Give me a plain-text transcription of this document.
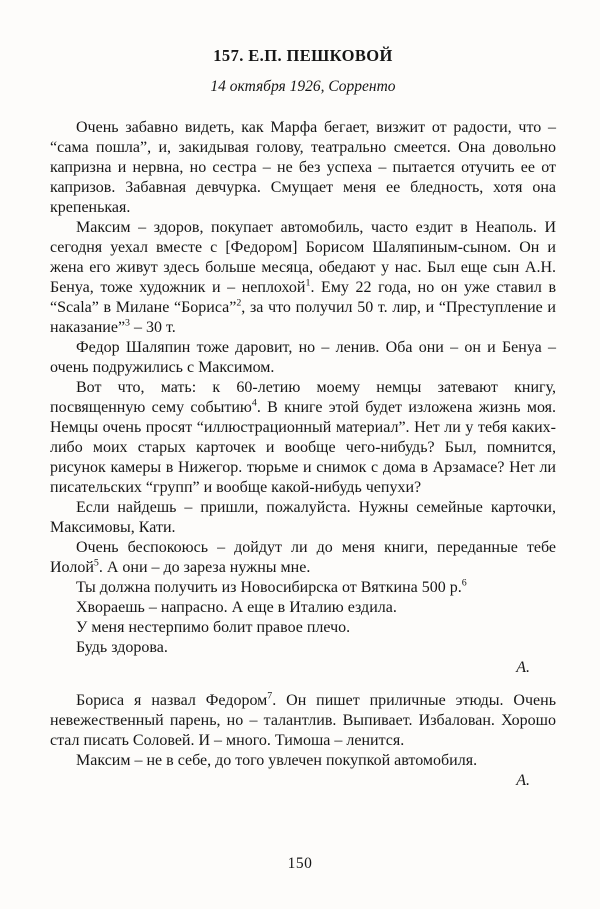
157. Е.П. ПЕШКОВОЙ
14 октября 1926, Сорренто

Очень забавно видеть, как Марфа бегает, визжит от радости, что – “сама пошла”, и, закидывая голову, театрально смеется. Она довольно капризна и нервна, но сестра – не без успеха – пытается отучить ее от капризов. Забавная девчурка. Смущает меня ее бледность, хотя она крепенькая.

Максим – здоров, покупает автомобиль, часто ездит в Неаполь. И сегодня уехал вместе с [Федором] Борисом Шаляпиным-сыном. Он и жена его живут здесь больше месяца, обедают у нас. Был еще сын А.Н. Бенуа, тоже художник и – неплохой$^1$. Ему 22 года, но он уже ставил в “Scala” в Милане “Бориса”$^2$, за что получил 50 т. лир, и “Преступление и наказание”$^3$ – 30 т.

Федор Шаляпин тоже даровит, но – ленив. Оба они – он и Бенуа – очень подружились с Максимом.

Вот что, мать: к 60-летию моему немцы затевают книгу, посвященную сему событию$^4$. В книге этой будет изложена жизнь моя. Немцы очень просят “иллюстрационный материал”. Нет ли у тебя каких-либо моих старых карточек и вообще чего-нибудь? Был, помнится, рисунок камеры в Нижегор. тюрьме и снимок с дома в Арзамасе? Нет ли писательских “групп” и вообще какой-нибудь чепухи?

Если найдешь – пришли, пожалуйста. Нужны семейные карточки, Максимовы, Кати.

Очень беспокоюсь – дойдут ли до меня книги, переданные тебе Иолой$^5$. А они – до зареза нужны мне.

Ты должна получить из Новосибирска от Вяткина 500 р.$^6$

Хвораешь – напрасно. А еще в Италию ездила.

У меня нестерпимо болит правое плечо.

Будь здорова.

А.

Бориса я назвал Федором$^7$. Он пишет приличные этюды. Очень невежественный парень, но – талантлив. Выпивает. Избалован. Хорошо стал писать Соловей. И – много. Тимоша – ленится.

Максим – не в себе, до того увлечен покупкой автомобиля.

А.

150
